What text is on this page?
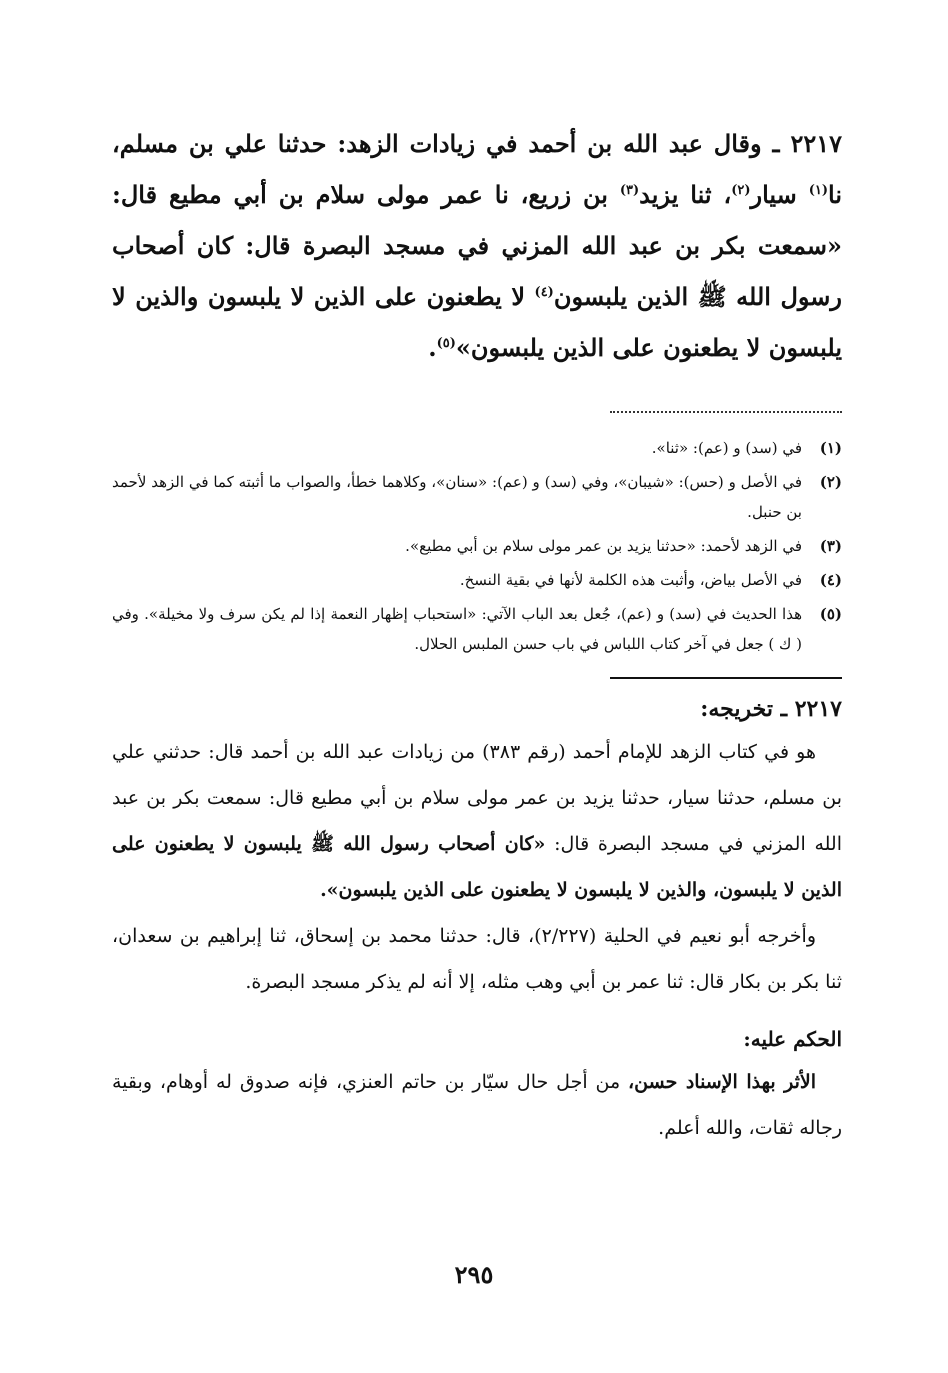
٢٢١٧ ـ وقال عبد الله بن أحمد في زيادات الزهد: حدثنا علي بن مسلم، نا$^{(١)}$ سيار$^{(٢)}$، ثنا يزيد$^{(٣)}$ بن زريع، نا عمر مولى سلام بن أبي مطيع قال: «سمعت بكر بن عبد الله المزني في مسجد البصرة قال: كان أصحاب رسول الله ﷺ الذين يلبسون$^{(٤)}$ لا يطعنون على الذين لا يلبسون والذين لا يلبسون لا يطعنون على الذين يلبسون»$^{(٥)}$.

(١)
في (سد) و (عم): «ثنا».
(٢)
في الأصل و (حس): «شيبان»، وفي (سد) و (عم): «سنان»، وكلاهما خطأ، والصواب ما أثبته كما في الزهد لأحمد بن حنبل.
(٣)
في الزهد لأحمد: «حدثنا يزيد بن عمر مولى سلام بن أبي مطيع».
(٤)
في الأصل بياض، وأثبت هذه الكلمة لأنها في بقية النسخ.
(٥)
هذا الحديث في (سد) و (عم)، جُعل بعد الباب الآتي: «استحباب إظهار النعمة إذا لم يكن سرف ولا مخيلة». وفي ( ك ) جعل في آخر كتاب اللباس في باب حسن الملبس الحلال.
٢٢١٧ ـ تخريجه:

هو في كتاب الزهد للإمام أحمد (رقم ٣٨٣) من زيادات عبد الله بن أحمد قال: حدثني علي بن مسلم، حدثنا سيار، حدثنا يزيد بن عمر مولى سلام بن أبي مطيع قال: سمعت بكر بن عبد الله المزني في مسجد البصرة قال: «كان أصحاب رسول الله ﷺ يلبسون لا يطعنون على الذين لا يلبسون، والذين لا يلبسون لا يطعنون على الذين يلبسون».

وأخرجه أبو نعيم في الحلية (٢/٢٢٧)، قال: حدثنا محمد بن إسحاق، ثنا إبراهيم بن سعدان، ثنا بكر بن بكار قال: ثنا عمر بن أبي وهب مثله، إلا أنه لم يذكر مسجد البصرة.

الحكم عليه:

الأثر بهذا الإسناد حسن، من أجل حال سيّار بن حاتم العنزي، فإنه صدوق له أوهام، وبقية رجاله ثقات، والله أعلم.

٢٩٥
